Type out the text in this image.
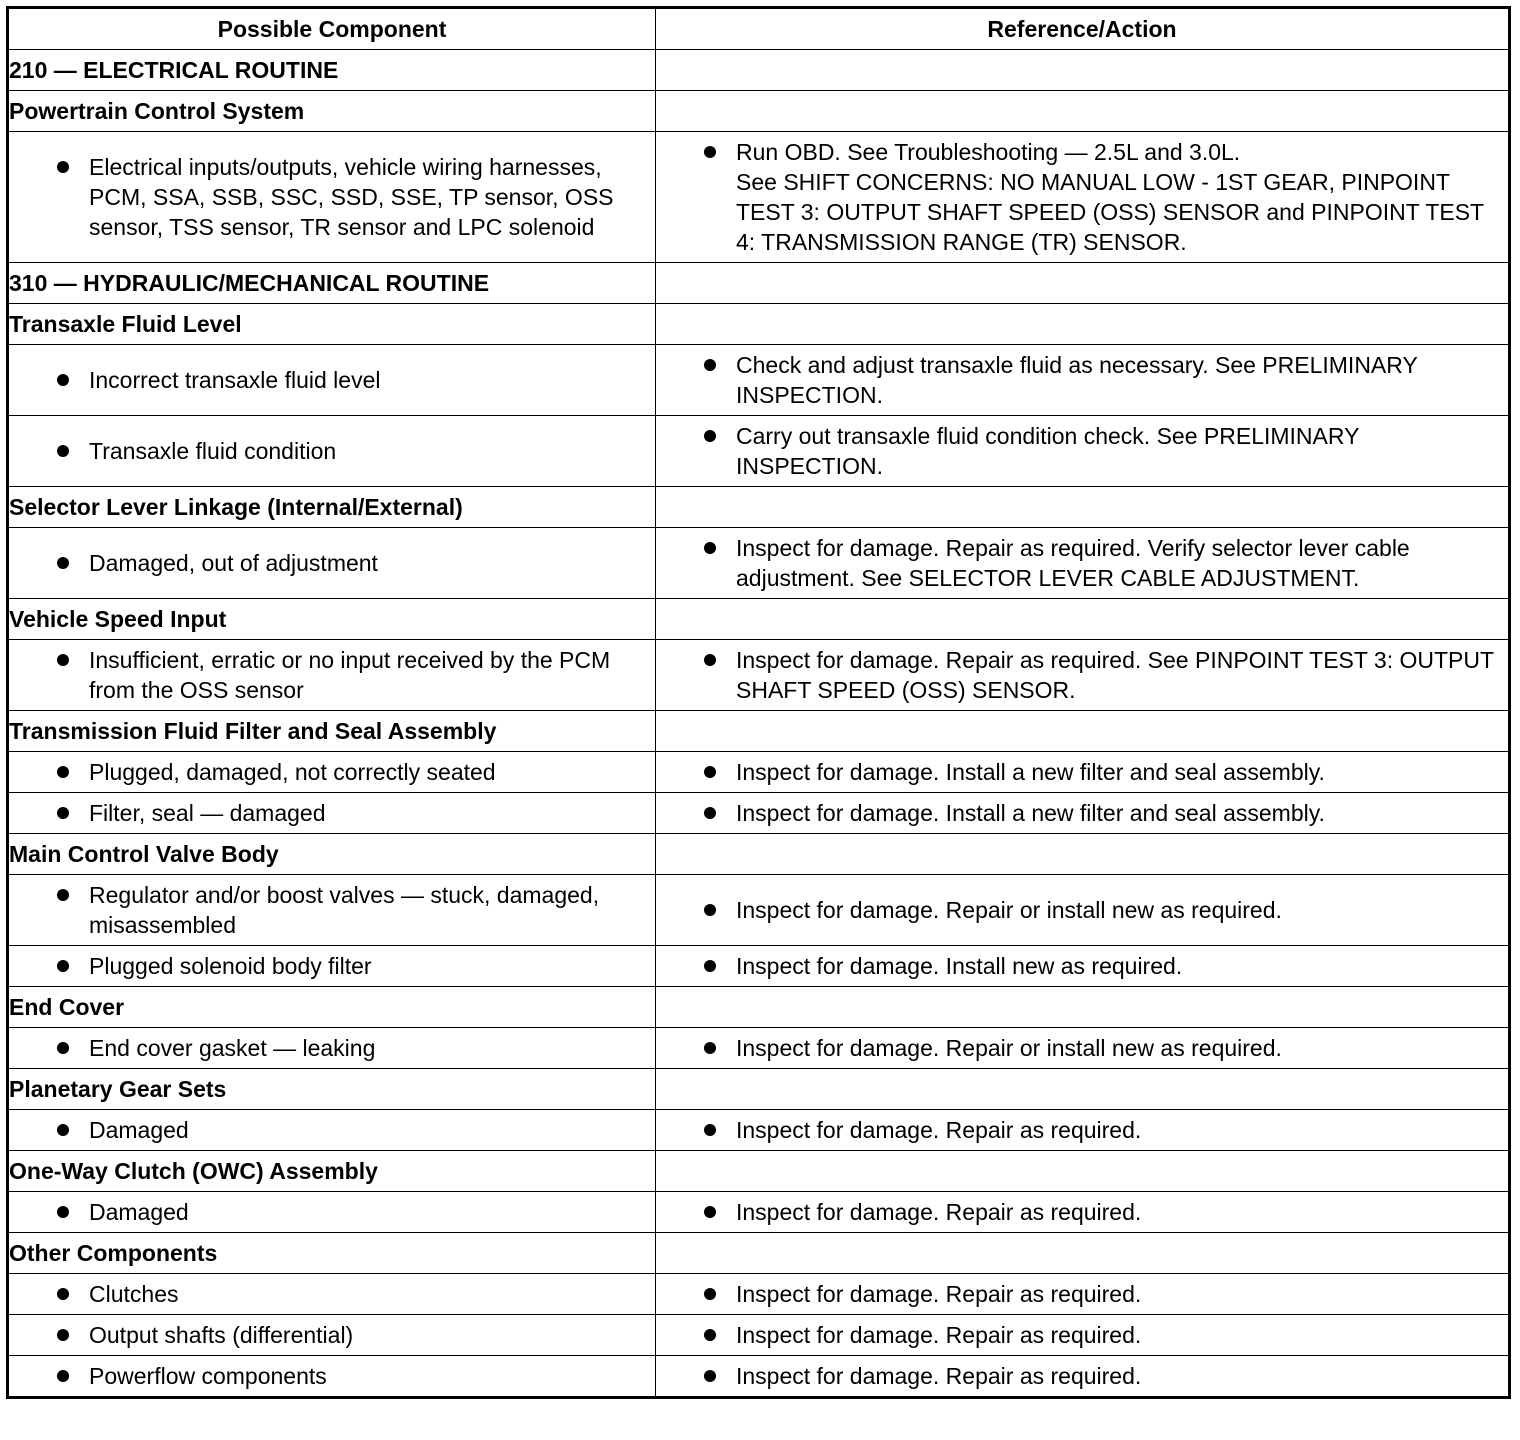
Possible Component	Reference/Action
210 — ELECTRICAL ROUTINE	
Powertrain Control System	

Electrical inputs/outputs, vehicle wiring harnesses, PCM, SSA, SSB, SSC, SSD, SSE, TP sensor, OSS sensor, TSS sensor, TR sensor and LPC solenoid	Run OBD. See Troubleshooting — 2.5L and 3.0L.
See SHIFT CONCERNS: NO MANUAL LOW - 1ST GEAR, PINPOINT TEST 3: OUTPUT SHAFT SPEED (OSS) SENSOR and PINPOINT TEST 4: TRANSMISSION RANGE (TR) SENSOR.

310 — HYDRAULIC/MECHANICAL ROUTINE	
Transaxle Fluid Level	

Incorrect transaxle fluid level	Check and adjust transaxle fluid as necessary. See PRELIMINARY INSPECTION.

Transaxle fluid condition	Carry out transaxle fluid condition check. See PRELIMINARY INSPECTION.

Selector Lever Linkage (Internal/External)	

Damaged, out of adjustment	Inspect for damage. Repair as required. Verify selector lever cable adjustment. See SELECTOR LEVER CABLE ADJUSTMENT.

Vehicle Speed Input	

Insufficient, erratic or no input received by the PCM from the OSS sensor	Inspect for damage. Repair as required. See PINPOINT TEST 3: OUTPUT SHAFT SPEED (OSS) SENSOR.

Transmission Fluid Filter and Seal Assembly	

Plugged, damaged, not correctly seated	Inspect for damage. Install a new filter and seal assembly.

Filter, seal — damaged	Inspect for damage. Install a new filter and seal assembly.

Main Control Valve Body	

Regulator and/or boost valves — stuck, damaged, misassembled	Inspect for damage. Repair or install new as required.

Plugged solenoid body filter	Inspect for damage. Install new as required.

End Cover	

End cover gasket — leaking	Inspect for damage. Repair or install new as required.

Planetary Gear Sets	

Damaged	Inspect for damage. Repair as required.

One-Way Clutch (OWC) Assembly	

Damaged	Inspect for damage. Repair as required.

Other Components	

Clutches	Inspect for damage. Repair as required.

Output shafts (differential)	Inspect for damage. Repair as required.

Powerflow components	Inspect for damage. Repair as required.
